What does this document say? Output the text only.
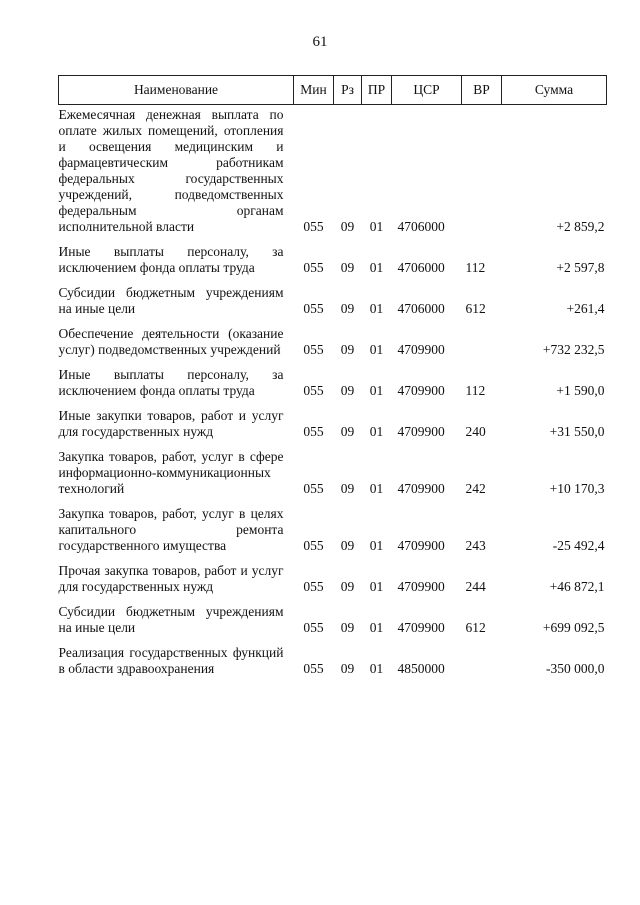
61
Наименование	Мин	Рз	ПР	ЦСР	ВР	Сумма
Ежемесячная денежная выплата по оплате жилых помещений, отопления и освещения медицинским и фармацевтическим работникам федеральных государственных учреждений, подведомственных федеральным органам исполнительной власти	055	09	01	4706000		+2 859,2
Иные выплаты персоналу, за исключением фонда оплаты труда	055	09	01	4706000	112	+2 597,8
Субсидии бюджетным учреждениям на иные цели	055	09	01	4706000	612	+261,4
Обеспечение деятельности (оказание услуг) подведомственных учреждений	055	09	01	4709900		+732 232,5
Иные выплаты персоналу, за исключением фонда оплаты труда	055	09	01	4709900	112	+1 590,0
Иные закупки товаров, работ и услуг для государственных нужд	055	09	01	4709900	240	+31 550,0
Закупка товаров, работ, услуг в сфере информационно-коммуникационных технологий	055	09	01	4709900	242	+10 170,3
Закупка товаров, работ, услуг в целях капитального ремонта государственного имущества	055	09	01	4709900	243	-25 492,4
Прочая закупка товаров, работ и услуг для государственных нужд	055	09	01	4709900	244	+46 872,1
Субсидии бюджетным учреждениям на иные цели	055	09	01	4709900	612	+699 092,5
Реализация государственных функций в области здравоохранения	055	09	01	4850000		-350 000,0
